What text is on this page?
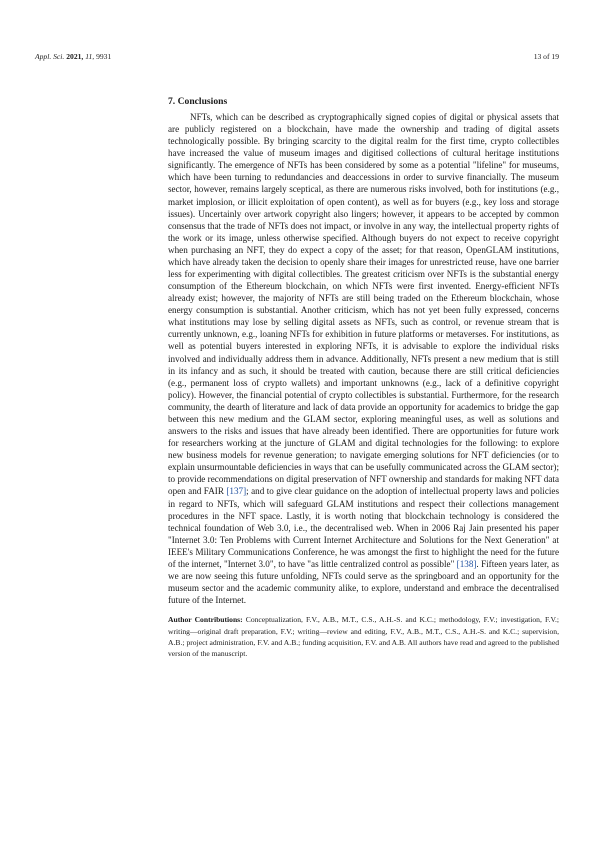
Appl. Sci. 2021, 11, 9931	13 of 19
7. Conclusions

NFTs, which can be described as cryptographically signed copies of digital or physical assets that are publicly registered on a blockchain, have made the ownership and trading of digital assets technologically possible. By bringing scarcity to the digital realm for the first time, crypto collectibles have increased the value of museum images and digitised collections of cultural heritage institutions significantly. The emergence of NFTs has been considered by some as a potential "lifeline" for museums, which have been turning to redundancies and deaccessions in order to survive financially. The museum sector, however, remains largely sceptical, as there are numerous risks involved, both for institutions (e.g., market implosion, or illicit exploitation of open content), as well as for buyers (e.g., key loss and storage issues). Uncertainly over artwork copyright also lingers; however, it appears to be accepted by common consensus that the trade of NFTs does not impact, or involve in any way, the intellectual property rights of the work or its image, unless otherwise specified. Although buyers do not expect to receive copyright when purchasing an NFT, they do expect a copy of the asset; for that reason, OpenGLAM institutions, which have already taken the decision to openly share their images for unrestricted reuse, have one barrier less for experimenting with digital collectibles. The greatest criticism over NFTs is the substantial energy consumption of the Ethereum blockchain, on which NFTs were first invented. Energy-efficient NFTs already exist; however, the majority of NFTs are still being traded on the Ethereum blockchain, whose energy consumption is substantial. Another criticism, which has not yet been fully expressed, concerns what institutions may lose by selling digital assets as NFTs, such as control, or revenue stream that is currently unknown, e.g., loaning NFTs for exhibition in future platforms or metaverses. For institutions, as well as potential buyers interested in exploring NFTs, it is advisable to explore the individual risks involved and individually address them in advance. Additionally, NFTs present a new medium that is still in its infancy and as such, it should be treated with caution, because there are still critical deficiencies (e.g., permanent loss of crypto wallets) and important unknowns (e.g., lack of a definitive copyright policy). However, the financial potential of crypto collectibles is substantial. Furthermore, for the research community, the dearth of literature and lack of data provide an opportunity for academics to bridge the gap between this new medium and the GLAM sector, exploring meaningful uses, as well as solutions and answers to the risks and issues that have already been identified. There are opportunities for future work for researchers working at the juncture of GLAM and digital technologies for the following: to explore new business models for revenue generation; to navigate emerging solutions for NFT deficiencies (or to explain unsurmountable deficiencies in ways that can be usefully communicated across the GLAM sector); to provide recommendations on digital preservation of NFT ownership and standards for making NFT data open and FAIR [137]; and to give clear guidance on the adoption of intellectual property laws and policies in regard to NFTs, which will safeguard GLAM institutions and respect their collections management procedures in the NFT space. Lastly, it is worth noting that blockchain technology is considered the technical foundation of Web 3.0, i.e., the decentralised web. When in 2006 Raj Jain presented his paper "Internet 3.0: Ten Problems with Current Internet Architecture and Solutions for the Next Generation" at IEEE's Military Communications Conference, he was amongst the first to highlight the need for the future of the internet, "Internet 3.0", to have "as little centralized control as possible" [138]. Fifteen years later, as we are now seeing this future unfolding, NFTs could serve as the springboard and an opportunity for the museum sector and the academic community alike, to explore, understand and embrace the decentralised future of the Internet.

Author Contributions: Conceptualization, F.V., A.B., M.T., C.S., A.H.-S. and K.C.; methodology, F.V.; investigation, F.V.; writing—original draft preparation, F.V.; writing—review and editing, F.V., A.B., M.T., C.S., A.H.-S. and K.C.; supervision, A.B.; project administration, F.V. and A.B.; funding acquisition, F.V. and A.B. All authors have read and agreed to the published version of the manuscript.
